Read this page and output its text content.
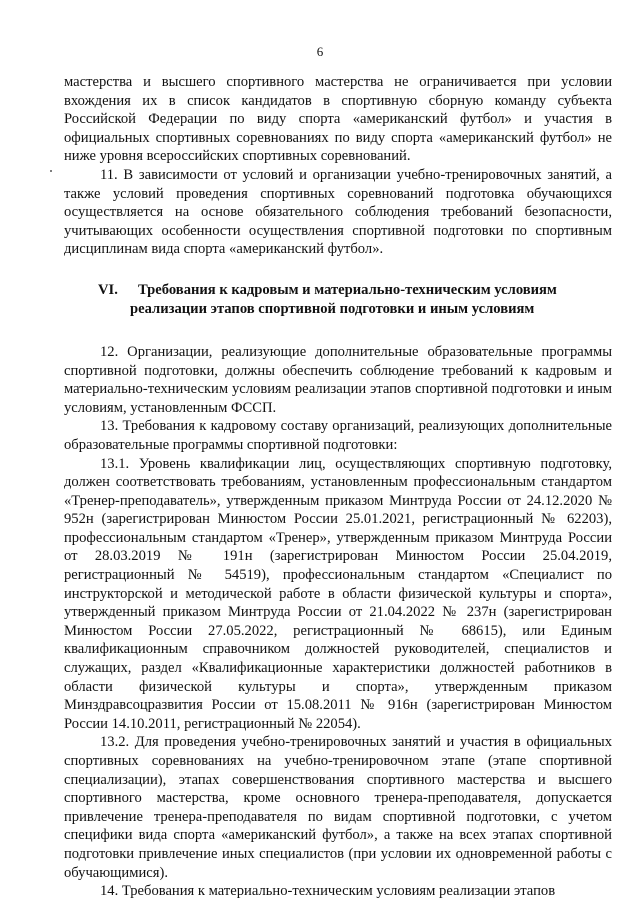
6

мастерства и высшего спортивного мастерства не ограничивается при условии вхождения их в список кандидатов в спортивную сборную команду субъекта Российской Федерации по виду спорта «американский футбол» и участия в официальных спортивных соревнованиях по виду спорта «американский футбол» не ниже уровня всероссийских спортивных соревнований.

11. В зависимости от условий и организации учебно-тренировочных занятий, а также условий проведения спортивных соревнований подготовка обучающихся осуществляется на основе обязательного соблюдения требований безопасности, учитывающих особенности осуществления спортивной подготовки по спортивным дисциплинам вида спорта «американский футбол».

VI. Требования к кадровым и материально-техническим условиям
реализации этапов спортивной подготовки и иным условиям

12. Организации, реализующие дополнительные образовательные программы спортивной подготовки, должны обеспечить соблюдение требований к кадровым и материально-техническим условиям реализации этапов спортивной подготовки и иным условиям, установленным ФССП.

13. Требования к кадровому составу организаций, реализующих дополнительные образовательные программы спортивной подготовки:

13.1. Уровень квалификации лиц, осуществляющих спортивную подготовку, должен соответствовать требованиям, установленным профессиональным стандартом «Тренер-преподаватель», утвержденным приказом Минтруда России от 24.12.2020 № 952н (зарегистрирован Минюстом России 25.01.2021, регистрационный № 62203), профессиональным стандартом «Тренер», утвержденным приказом Минтруда России от 28.03.2019 № 191н (зарегистрирован Минюстом России 25.04.2019, регистрационный № 54519), профессиональным стандартом «Специалист по инструкторской и методической работе в области физической культуры и спорта», утвержденный приказом Минтруда России от 21.04.2022 № 237н (зарегистрирован Минюстом России 27.05.2022, регистрационный № 68615), или Единым квалификационным справочником должностей руководителей, специалистов и служащих, раздел «Квалификационные характеристики должностей работников в области физической культуры и спорта», утвержденным приказом Минздравсоцразвития России от 15.08.2011 № 916н (зарегистрирован Минюстом России 14.10.2011, регистрационный № 22054).

13.2. Для проведения учебно-тренировочных занятий и участия в официальных спортивных соревнованиях на учебно-тренировочном этапе (этапе спортивной специализации), этапах совершенствования спортивного мастерства и высшего спортивного мастерства, кроме основного тренера-преподавателя, допускается привлечение тренера-преподавателя по видам спортивной подготовки, с учетом специфики вида спорта «американский футбол», а также на всех этапах спортивной подготовки привлечение иных специалистов (при условии их одновременной работы с обучающимися).

14. Требования к материально-техническим условиям реализации этапов
